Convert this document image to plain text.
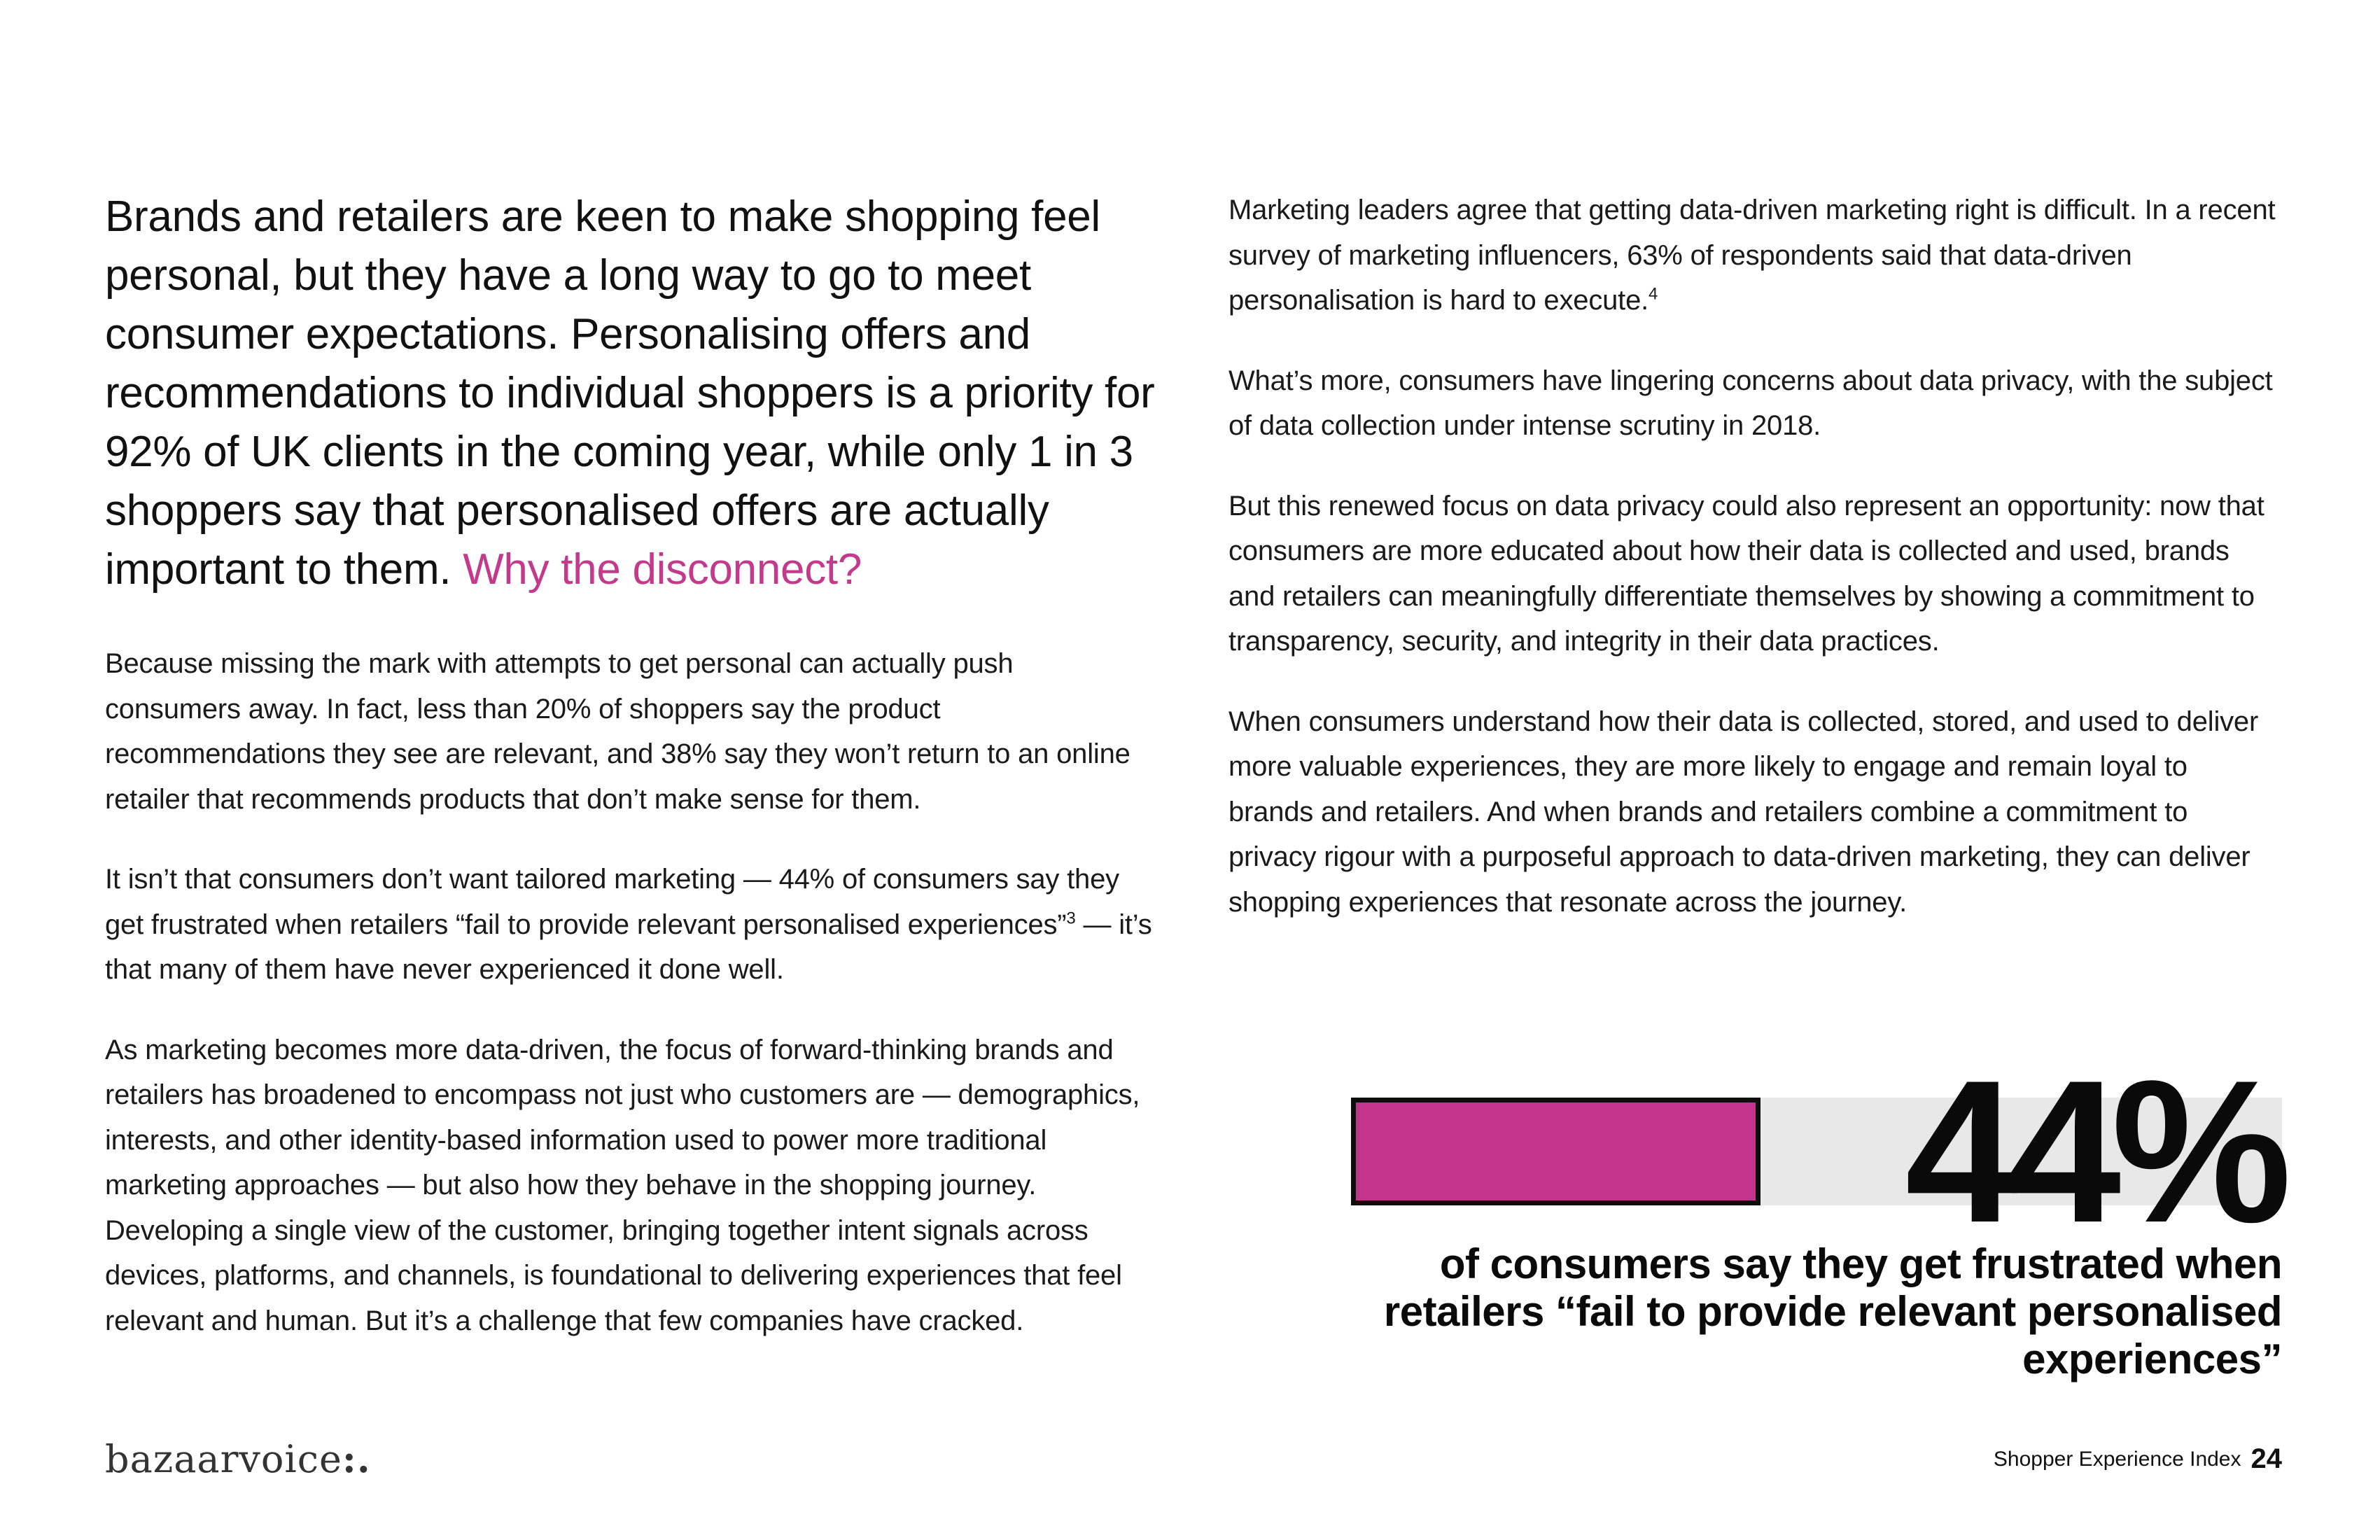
Brands and retailers are keen to make shopping feel personal, but they have a long way to go to meet consumer expectations. Personalising offers and recommendations to individual shoppers is a priority for 92% of UK clients in the coming year, while only 1 in 3 shoppers say that personalised offers are actually important to them. Why the disconnect?

Because missing the mark with attempts to get personal can actually push consumers away. In fact, less than 20% of shoppers say the product recommendations they see are relevant, and 38% say they won’t return to an online retailer that recommends products that don’t make sense for them.

It isn’t that consumers don’t want tailored marketing — 44% of consumers say they get frustrated when retailers “fail to provide relevant personalised experiences”$^3$ — it’s that many of them have never experienced it done well.

As marketing becomes more data-driven, the focus of forward-thinking brands and retailers has broadened to encompass not just who customers are — demographics, interests, and other identity-based information used to power more traditional marketing approaches — but also how they behave in the shopping journey. Developing a single view of the customer, bringing together intent signals across devices, platforms, and channels, is foundational to delivering experiences that feel relevant and human. But it’s a challenge that few companies have cracked.

Marketing leaders agree that getting data-driven marketing right is difficult. In a recent survey of marketing influencers, 63% of respondents said that data-driven personalisation is hard to execute.$^4$

What’s more, consumers have lingering concerns about data privacy, with the subject of data collection under intense scrutiny in 2018.

But this renewed focus on data privacy could also represent an opportunity: now that consumers are more educated about how their data is collected and used, brands and retailers can meaningfully differentiate themselves by showing a commitment to transparency, security, and integrity in their data practices.

When consumers understand how their data is collected, stored, and used to deliver more valuable experiences, they are more likely to engage and remain loyal to brands and retailers. And when brands and retailers combine a commitment to privacy rigour with a purposeful approach to data-driven marketing, they can deliver shopping experiences that resonate across the journey.

44%
of consumers say they get frustrated when retailers “fail to provide relevant personalised experiences”
bazaarvoice:.	Shopper Experience Index 24
